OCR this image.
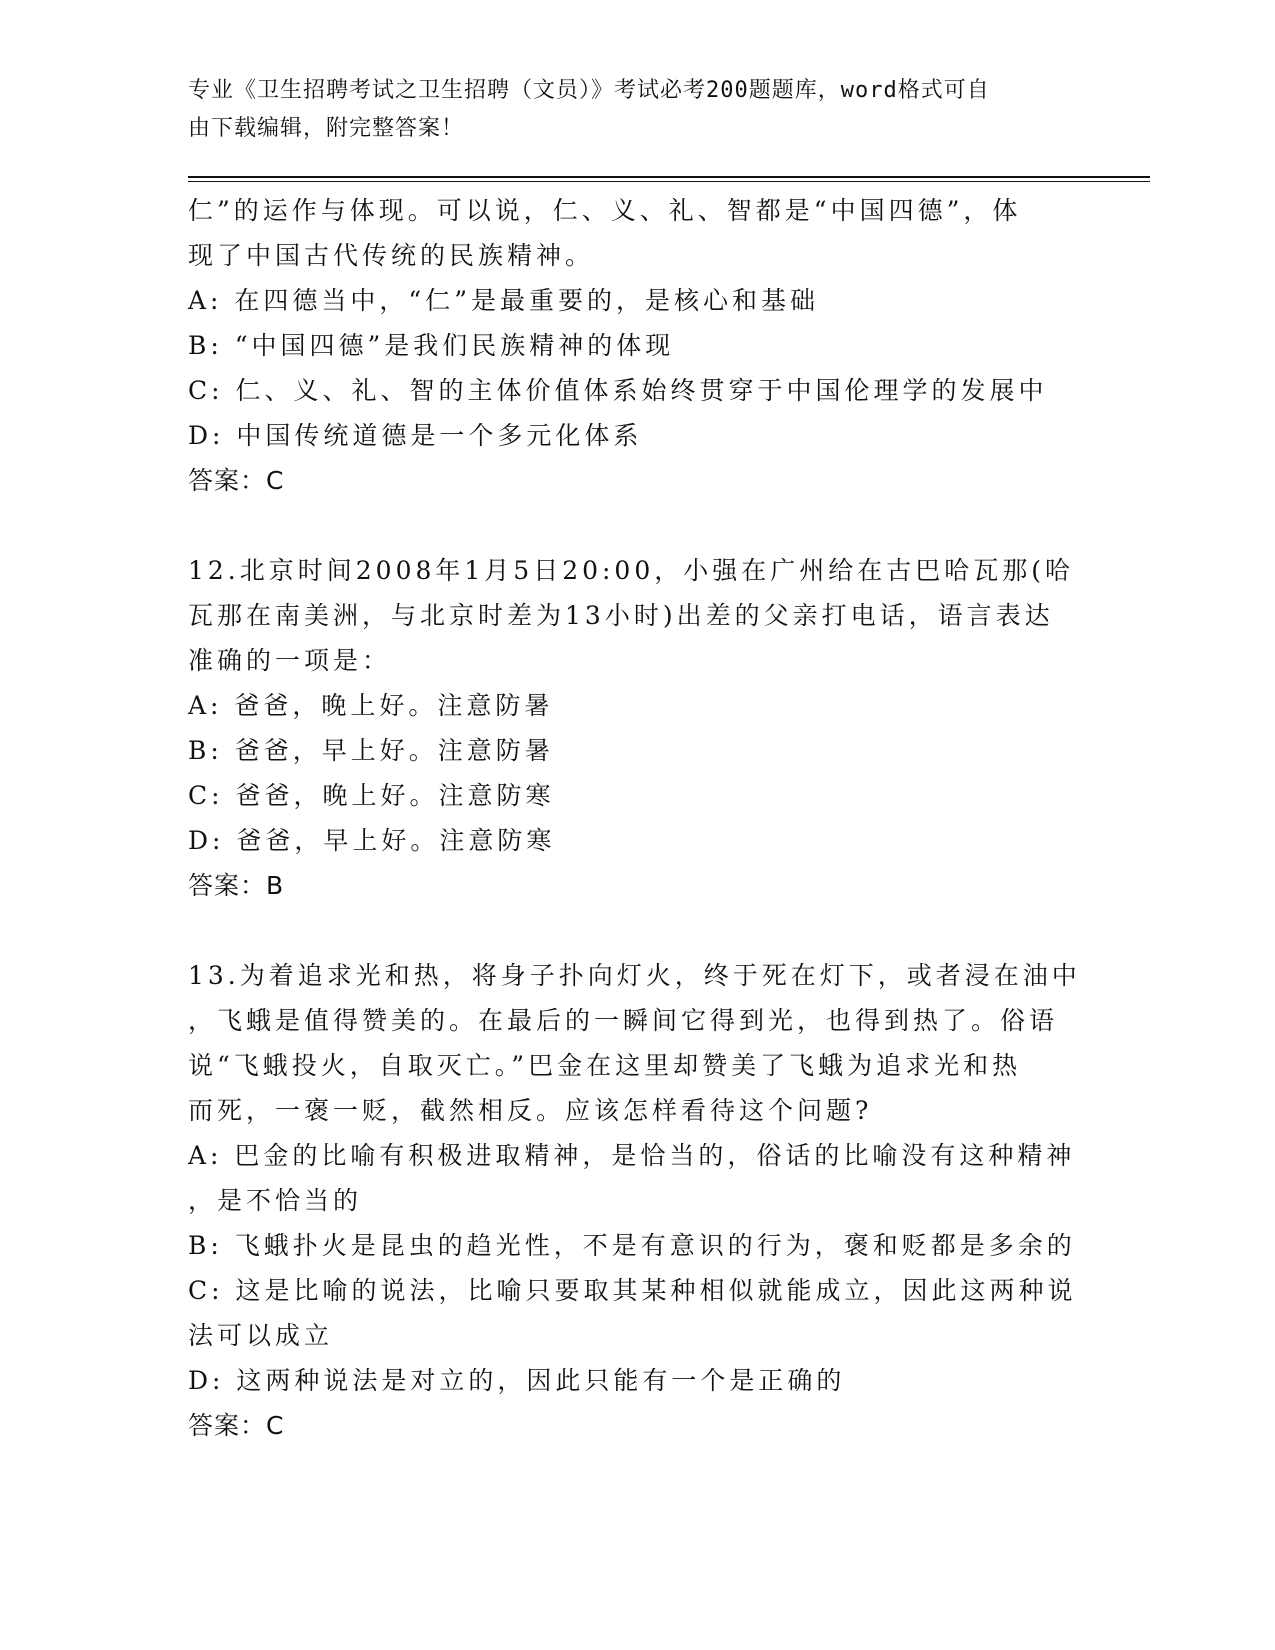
专业《卫生招聘考试之卫生招聘（文员）》考试必考200题题库，word格式可自
由下载编辑，附完整答案！
仁”的运作与体现。可以说，仁、义、礼、智都是“中国四德”，体
现了中国古代传统的民族精神。
A: 在四德当中，“仁”是最重要的，是核心和基础
B: “中国四德”是我们民族精神的体现
C: 仁、义、礼、智的主体价值体系始终贯穿于中国伦理学的发展中
D: 中国传统道德是一个多元化体系
答案：C
12.北京时间2008年1月5日20:00，小强在广州给在古巴哈瓦那(哈
瓦那在南美洲，与北京时差为13小时)出差的父亲打电话，语言表达
准确的一项是：
A: 爸爸，晚上好。注意防暑
B: 爸爸，早上好。注意防暑
C: 爸爸，晚上好。注意防寒
D: 爸爸，早上好。注意防寒
答案：B
13.为着追求光和热，将身子扑向灯火，终于死在灯下，或者浸在油中
，飞蛾是值得赞美的。在最后的一瞬间它得到光，也得到热了。俗语
说“飞蛾投火，自取灭亡。”巴金在这里却赞美了飞蛾为追求光和热
而死，一褒一贬，截然相反。应该怎样看待这个问题?
A: 巴金的比喻有积极进取精神，是恰当的，俗话的比喻没有这种精神
，是不恰当的
B: 飞蛾扑火是昆虫的趋光性，不是有意识的行为，褒和贬都是多余的
C: 这是比喻的说法，比喻只要取其某种相似就能成立，因此这两种说
法可以成立
D: 这两种说法是对立的，因此只能有一个是正确的
答案：C
